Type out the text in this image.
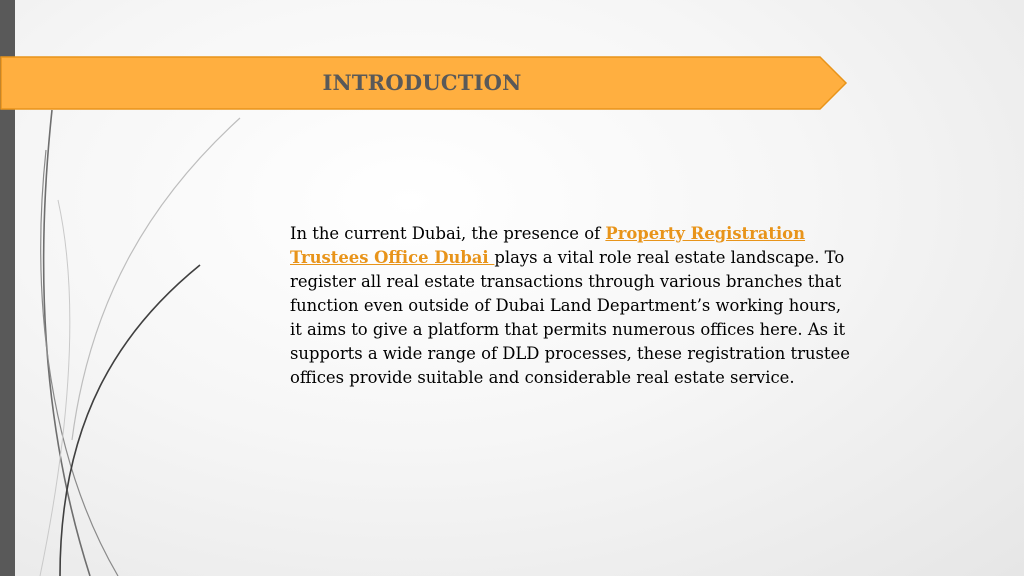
INTRODUCTION
In the current Dubai, the presence of Property Registration Trustees Office Dubai plays a vital role real estate landscape. To register all real estate transactions through various branches that function even outside of Dubai Land Department’s working hours, it aims to give a platform that permits numerous offices here. As it supports a wide range of DLD processes, these registration trustee offices provide suitable and considerable real estate service.
